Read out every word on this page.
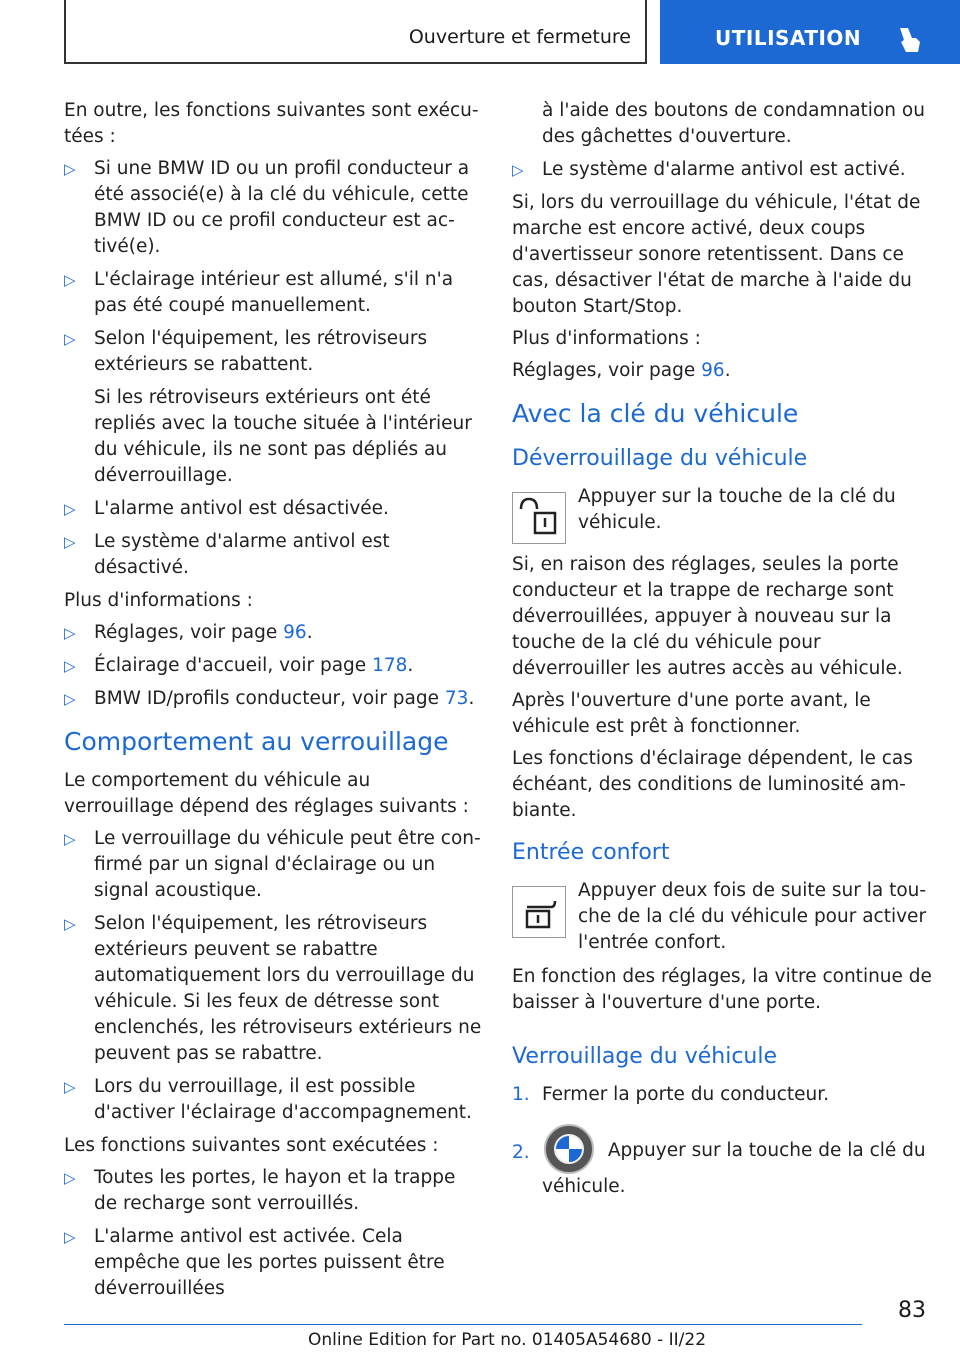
Ouverture et fermeture	UTILISATION

En outre, les fonctions suivantes sont exécutées :

▷ Si une BMW ID ou un profil conducteur a été associé(e) à la clé du véhicule, cette BMW ID ou ce profil conducteur est activé(e).
▷ L'éclairage intérieur est allumé, s'il n'a pas été coupé manuellement.
▷ Selon l'équipement, les rétroviseurs extérieurs se rabattent.
Si les rétroviseurs extérieurs ont été repliés avec la touche située à l'intérieur du véhicule, ils ne sont pas dépliés au déverrouillage.
▷ L'alarme antivol est désactivée.
▷ Le système d'alarme antivol est désactivé.

Plus d'informations :

▷ Réglages, voir page 96.
▷ Éclairage d'accueil, voir page 178.
▷ BMW ID/profils conducteur, voir page 73.
Comportement au verrouillage

Le comportement du véhicule au verrouillage dépend des réglages suivants :

▷ Le verrouillage du véhicule peut être confirmé par un signal d'éclairage ou un signal acoustique.
▷ Selon l'équipement, les rétroviseurs extérieurs peuvent se rabattre automatiquement lors du verrouillage du véhicule. Si les feux de détresse sont enclenchés, les rétroviseurs extérieurs ne peuvent pas se rabattre.
▷ Lors du verrouillage, il est possible d'activer l'éclairage d'accompagnement.

Les fonctions suivantes sont exécutées :

▷ Toutes les portes, le hayon et la trappe de recharge sont verrouillés.
▷ L'alarme antivol est activée. Cela empêche que les portes puissent être déverrouillées
à l'aide des boutons de condamnation ou des gâchettes d'ouverture.
▷ Le système d'alarme antivol est activé.

Si, lors du verrouillage du véhicule, l'état de marche est encore activé, deux coups d'avertisseur sonore retentissent. Dans ce cas, désactiver l'état de marche à l'aide du bouton Start/Stop.

Plus d'informations :

Réglages, voir page 96.

Avec la clé du véhicule
Déverrouillage du véhicule
Appuyer sur la touche de la clé du véhicule.

Si, en raison des réglages, seules la porte conducteur et la trappe de recharge sont déverrouillées, appuyer à nouveau sur la touche de la clé du véhicule pour déverrouiller les autres accès au véhicule.

Après l'ouverture d'une porte avant, le véhicule est prêt à fonctionner.

Les fonctions d'éclairage dépendent, le cas échéant, des conditions de luminosité ambiante.

Entrée confort
Appuyer deux fois de suite sur la touche de la clé du véhicule pour activer l'entrée confort.

En fonction des réglages, la vitre continue de baisser à l'ouverture d'une porte.

Verrouillage du véhicule
1. Fermer la porte du conducteur.
2.	Appuyer sur la touche de la clé du véhicule.
83
Online Edition for Part no. 01405A54680 - II/22
